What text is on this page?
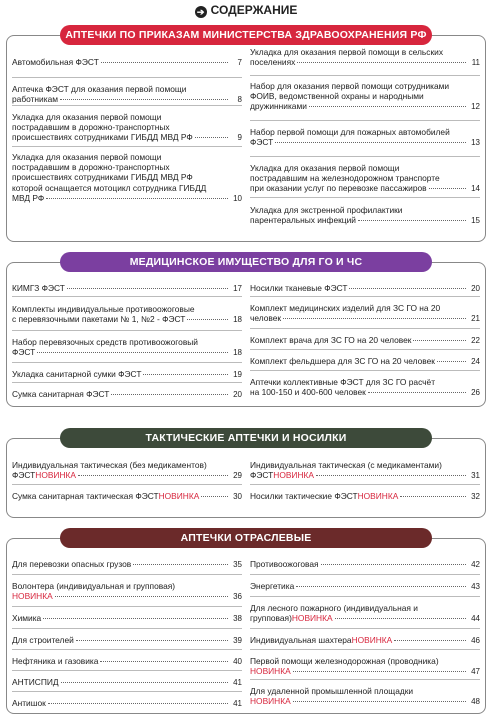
➔ СОДЕРЖАНИЕ
АПТЕЧКИ ПО ПРИКАЗАМ МИНИСТЕРСТВА ЗДРАВООХРАНЕНИЯ РФ
Автомобильная ФЭСТ	7
Аптечка ФЭСТ для оказания первой помощи
работникам	8
Укладка для оказания первой помощи
пострадавшим в дорожно-транспортных
происшествиях сотрудниками ГИБДД МВД РФ	9
Укладка для оказания первой помощи
пострадавшим в дорожно-транспортных
происшествиях сотрудниками ГИБДД МВД РФ
которой оснащается мотоцикл сотрудника ГИБДД
МВД РФ	10
Укладка для оказания первой помощи в сельских
поселениях	11
Набор для оказания первой помощи сотрудниками
ФОИВ, ведомственной охраны и народными
дружинниками	12
Набор первой помощи для пожарных автомобилей
ФЭСТ	13
Укладка для оказания первой помощи
пострадавшим на железнодорожном транспорте
при оказании услуг по перевозке пассажиров	14
Укладка для экстренной профилактики
парентеральных инфекций	15
МЕДИЦИНСКОЕ ИМУЩЕСТВО ДЛЯ ГО И ЧС
КИМГЗ ФЭСТ	17
Комплекты индивидуальные противоожоговые
с перевязочными пакетами № 1, №2 - ФЭСТ	18
Набор перевязочных средств противоожоговый
ФЭСТ	18
Укладка санитарной сумки ФЭСТ	19
Сумка санитарная ФЭСТ	20
Носилки тканевые ФЭСТ	20
Комплект медицинских изделий для ЗС ГО на 20
человек	21
Комплект врача для ЗС ГО на 20 человек	22
Комплект фельдшера для ЗС ГО на 20 человек	24
Аптечки коллективные ФЭСТ для ЗС ГО расчёт
на 100-150 и 400-600 человек	26
ТАКТИЧЕСКИЕ АПТЕЧКИ И НОСИЛКИ
Индивидуальная тактическая (без медикаментов)
ФЭСТ НОВИНКА	29
Сумка санитарная тактическая ФЭСТ НОВИНКА	30
Индивидуальная тактическая (с медикаментами)
ФЭСТ НОВИНКА	31
Носилки тактические ФЭСТ НОВИНКА	32
АПТЕЧКИ ОТРАСЛЕВЫЕ
Для перевозки опасных грузов	35
Волонтера (индивидуальная и групповая)
НОВИНКА	36
Химика	38
Для строителей	39
Нефтяника и газовика	40
АНТИСПИД	41
Антишок	41
Противоожоговая	42
Энергетика	43
Для лесного пожарного (индивидуальная и
групповая) НОВИНКА	44
Индивидуальная шахтера НОВИНКА	46
Первой помощи железнодорожная (проводника)
НОВИНКА	47
Для удаленной промышленной площадки
НОВИНКА	48
